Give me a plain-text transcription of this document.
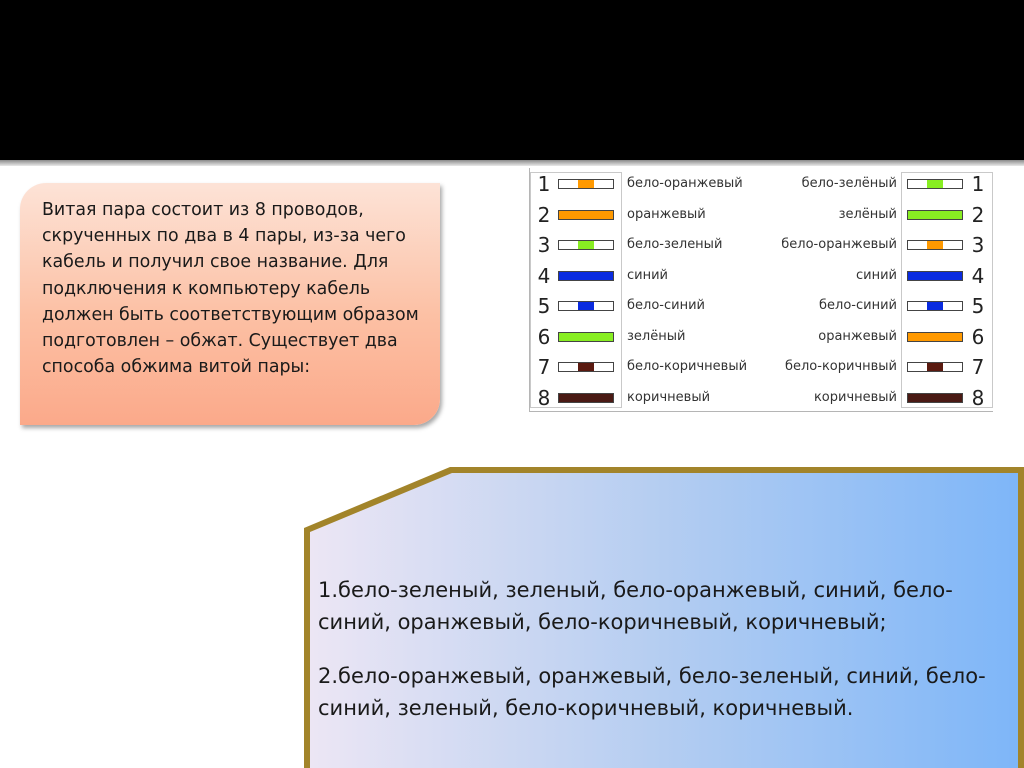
Витая пара состоит из 8 проводов, скрученных по два в 4 пары, из-за чего кабель и получил свое название. Для подключения к компьютеру кабель должен быть соответствующим образом подготовлен – обжат. Существует два способа обжима витой пары:

1	бело-оранжевый	бело-зелёный	1
2	оранжевый	зелёный	2
3	бело-зеленый	бело-оранжевый	3
4	синий	синий	4
5	бело-синий	бело-синий	5
6	зелёный	оранжевый	6
7	бело-коричневый	бело-коричнвый	7
8	коричневый	коричневый	8

1.бело-зеленый, зеленый, бело-оранжевый, синий, бело-синий, оранжевый, бело-коричневый, коричневый;

2.бело-оранжевый, оранжевый, бело-зеленый, синий, бело-синий, зеленый, бело-коричневый, коричневый.
